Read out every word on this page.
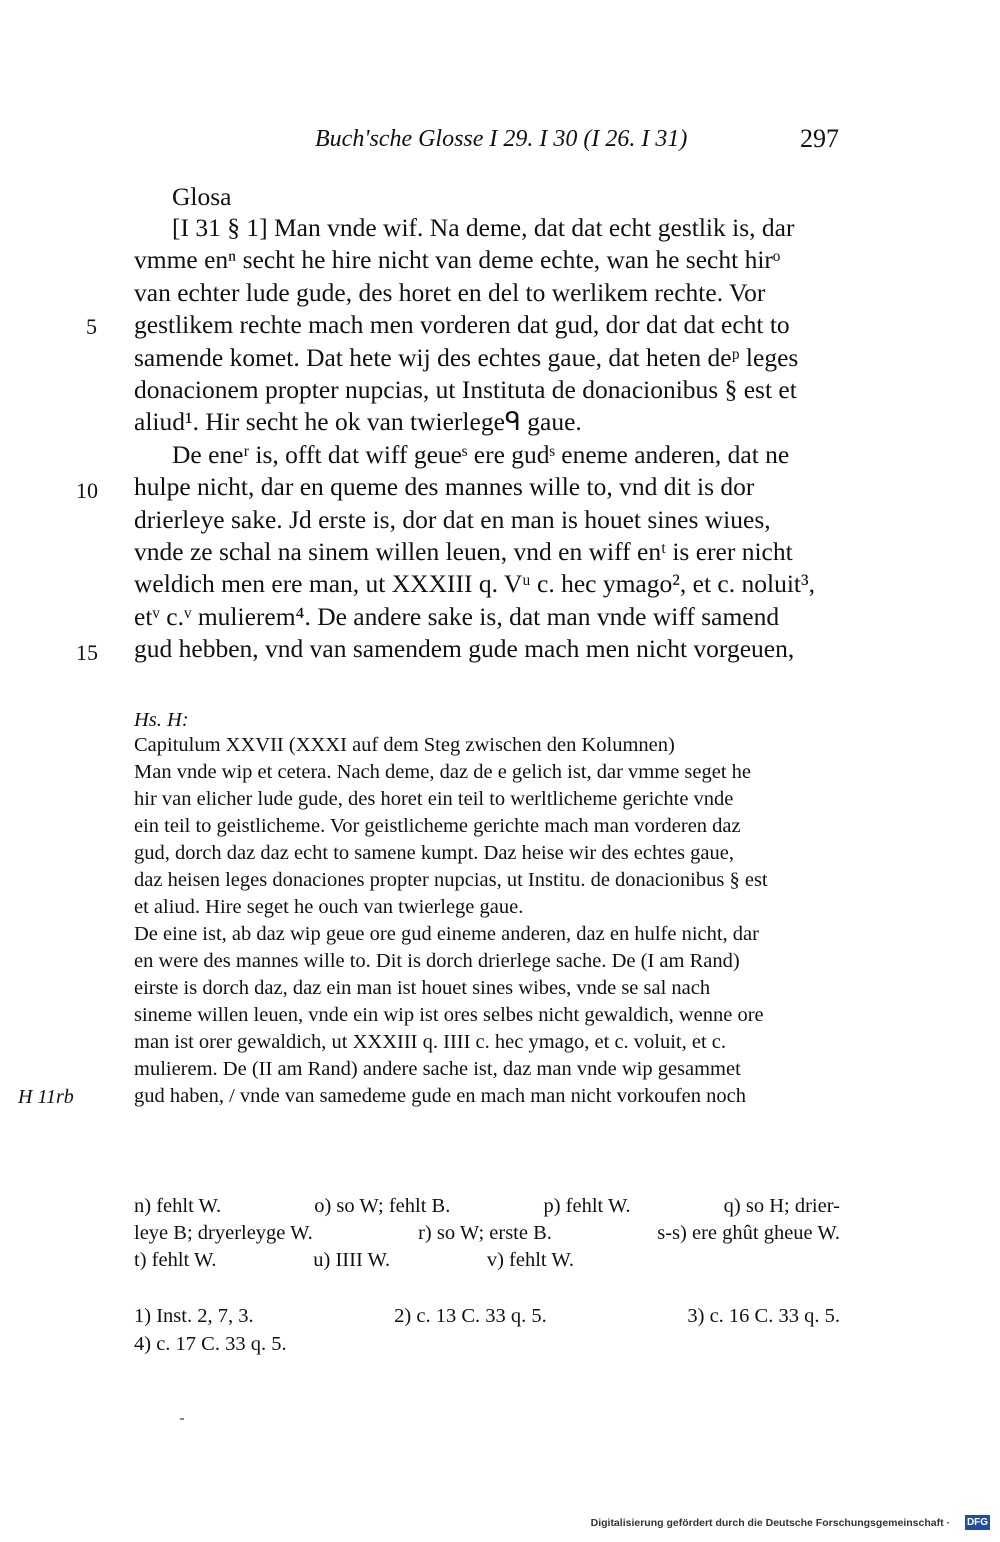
Buch'sche Glosse I 29. I 30 (I 26. I 31)	297
Glosa
[I 31 § 1] Man vnde wif. Na deme, dat dat echt gestlik is, dar
vmme enⁿ secht he hire nicht van deme echte, wan he secht hirᵒ
van echter lude gude, des horet en del to werlikem rechte. Vor
5 gestlikem rechte mach men vorderen dat gud, dor dat dat echt to
samende komet. Dat hete wij des echtes gaue, dat heten deᵖ leges
donacionem propter nupcias, ut Instituta de donacionibus § est et
aliud¹. Hir secht he ok van twierlegeᑫ gaue.
De eneʳ is, offt dat wiff geueˢ ere gudˢ eneme anderen, dat ne
10 hulpe nicht, dar en queme des mannes wille to, vnd dit is dor
drierleye sake. Jd erste is, dor dat en man is houet sines wiues,
vnde ze schal na sinem willen leuen, vnd en wiff enᵗ is erer nicht
weldich men ere man, ut XXXIII q. Vᵘ c. hec ymago², et c. noluit³,
etᵛ c.ᵛ mulierem⁴. De andere sake is, dat man vnde wiff samend
15 gud hebben, vnd van samendem gude mach men nicht vorgeuen,
Hs. H:
Capitulum XXVII (XXXI auf dem Steg zwischen den Kolumnen)
Man vnde wip et cetera. Nach deme, daz de e gelich ist, dar vmme seget he
hir van elicher lude gude, des horet ein teil to werltlicheme gerichte vnde
ein teil to geistlicheme. Vor geistlicheme gerichte mach man vorderen daz
gud, dorch daz daz echt to samene kumpt. Daz heise wir des echtes gaue,
daz heisen leges donaciones propter nupcias, ut Institu. de donacionibus § est
et aliud. Hire seget he ouch van twierlege gaue.
De eine ist, ab daz wip geue ore gud eineme anderen, daz en hulfe nicht, dar
en were des mannes wille to. Dit is dorch drierlege sache. De (I am Rand)
eirste is dorch daz, daz ein man ist houet sines wibes, vnde se sal nach
sineme willen leuen, vnde ein wip ist ores selbes nicht gewaldich, wenne ore
man ist orer gewaldich, ut XXXIII q. IIII c. hec ymago, et c. voluit, et c.
mulierem. De (II am Rand) andere sache ist, daz man vnde wip gesammet
gud haben, / vnde van samedeme gude en mach man nicht vorkoufen noch
H 11rb
n) fehlt W.	o) so W; fehlt B.	p) fehlt W.	q) so H; drier-
leye B; dryerleyge W.	r) so W; erste B.	s-s) ere ghût gheue W.
t) fehlt W.	u) IIII W.	v) fehlt W.
1) Inst. 2, 7, 3.	2) c. 13 C. 33 q. 5.	3) c. 16 C. 33 q. 5.
4) c. 17 C. 33 q. 5.
Digitalisierung gefördert durch die Deutsche Forschungsgemeinschaft · DFG
